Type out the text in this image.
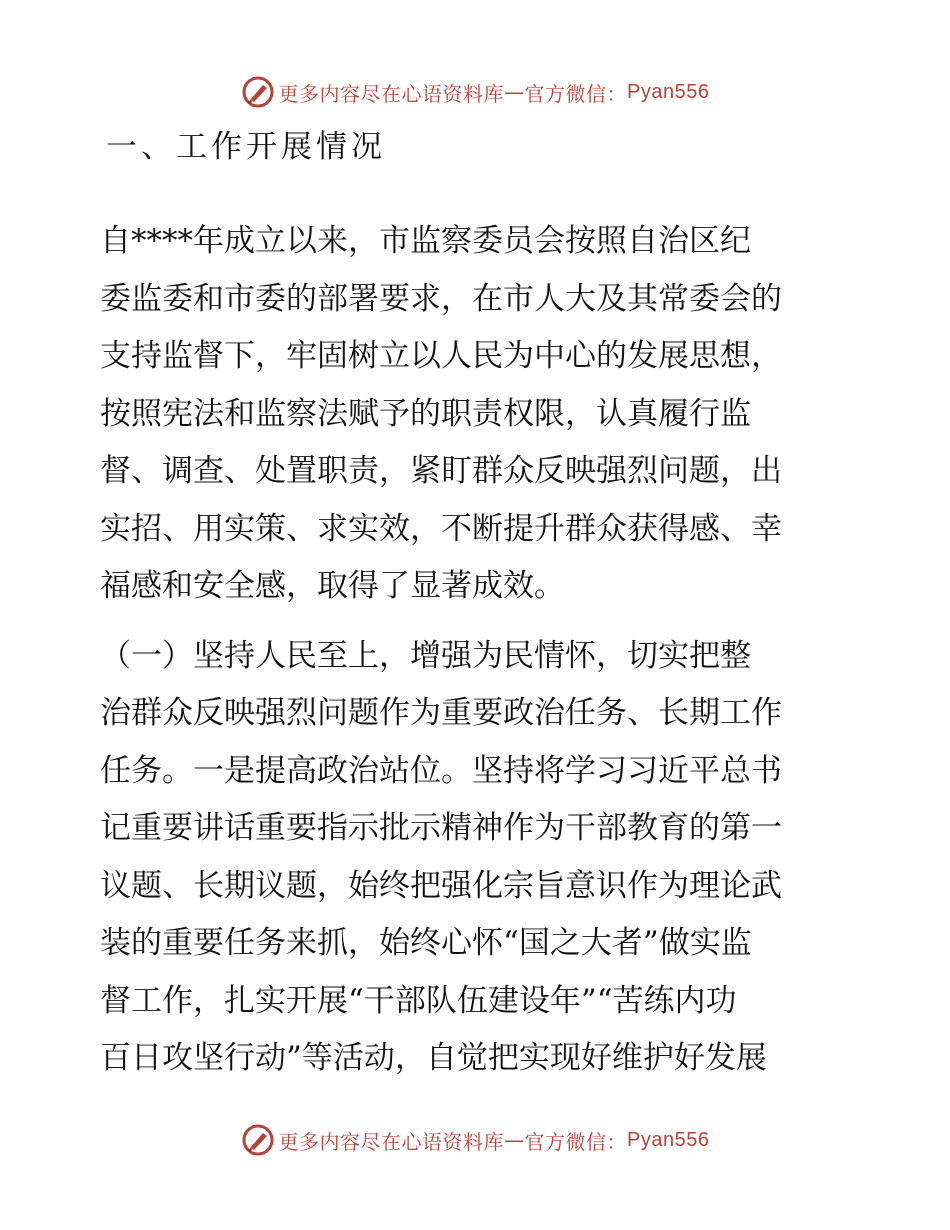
更多内容尽在心语资料库 — 官方微信： Pyan556
一、工作开展情况
自****年成立以来，市监察委员会按照自治区纪
委监委和市委的部署要求，在市人大及其常委会的
支持监督下，牢固树立以人民为中心的发展思想，
按照宪法和监察法赋予的职责权限，认真履行监
督、调查、处置职责，紧盯群众反映强烈问题，出
实招、用实策、求实效，不断提升群众获得感、幸
福感和安全感，取得了显著成效。
（一）坚持人民至上，增强为民情怀，切实把整
治群众反映强烈问题作为重要政治任务、长期工作
任务。一是提高政治站位。坚持将学习习近平总书
记重要讲话重要指示批示精神作为干部教育的第一
议题、长期议题，始终把强化宗旨意识作为理论武
装的重要任务来抓，始终心怀“国之大者”做实监
督工作，扎实开展“干部队伍建设年”“苦练内功
百日攻坚行动”等活动，自觉把实现好维护好发展
更多内容尽在心语资料库 — 官方微信： Pyan556
